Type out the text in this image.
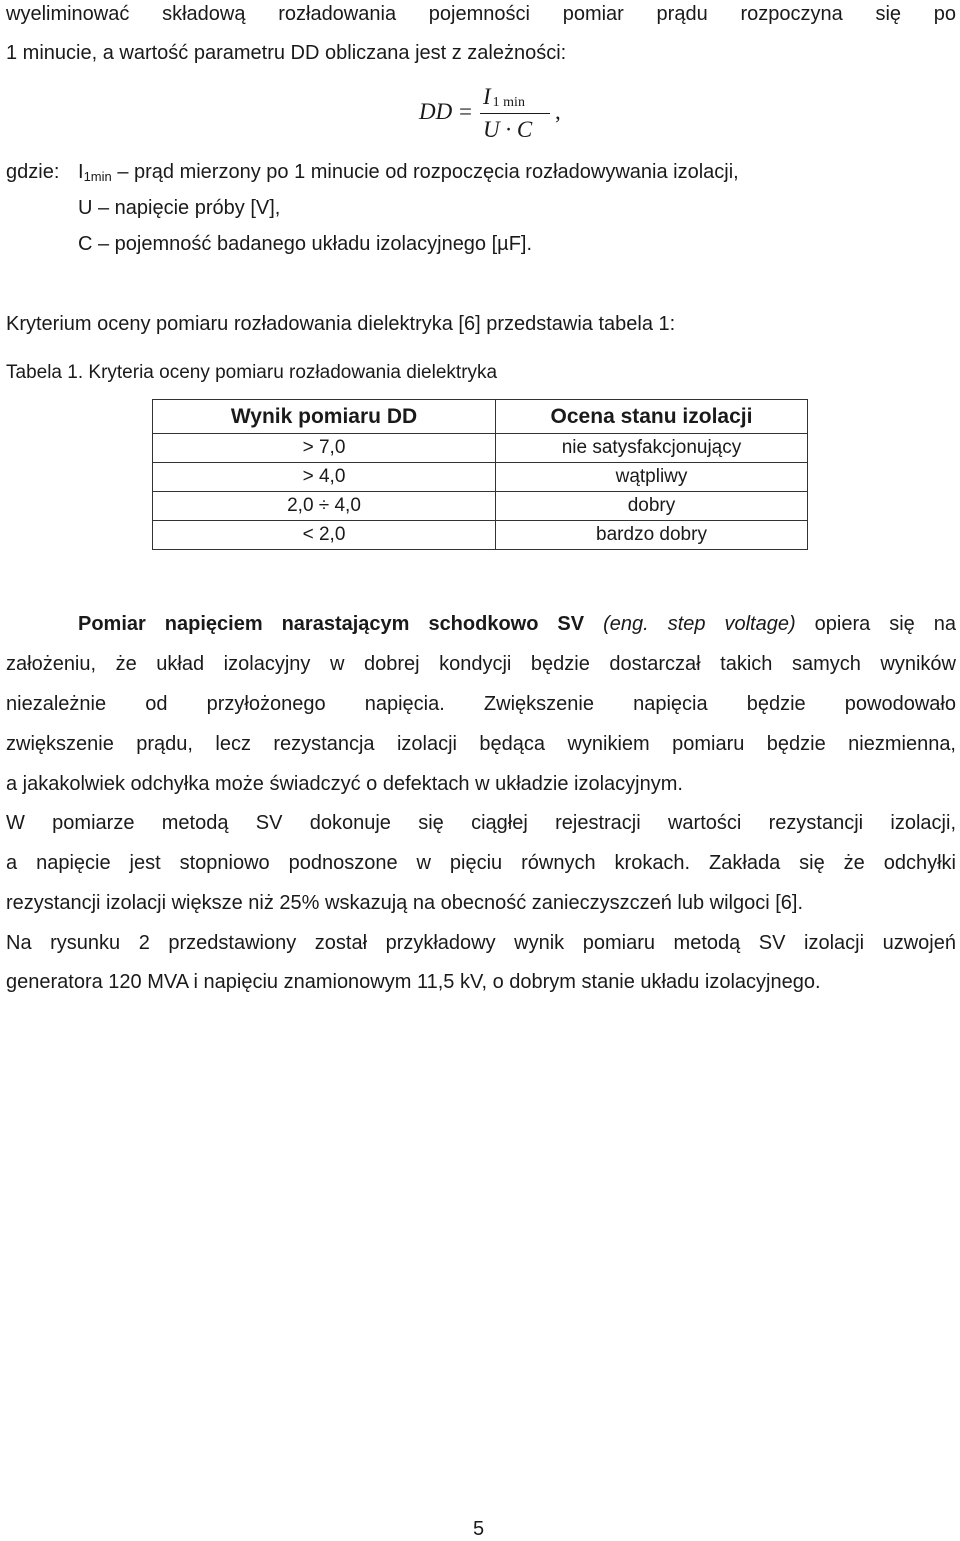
wyeliminować składową rozładowania pojemności pomiar prądu rozpoczyna się po
1 minucie, a wartość parametru DD obliczana jest z zależności:
DD =
I $_{1 min}$
U · C
,
gdzie: $I_{1min}$ – prąd mierzony po 1 minucie od rozpoczęcia rozładowywania izolacji,
U – napięcie próby [V],
C – pojemność badanego układu izolacyjnego [µF].
Kryterium oceny pomiaru rozładowania dielektryka [6] przedstawia tabela 1:
Tabela 1. Kryteria oceny pomiaru rozładowania dielektryka
Wynik pomiaru DD	Ocena stanu izolacji
> 7,0	nie satysfakcjonujący
> 4,0	wątpliwy
2,0 ÷ 4,0	dobry
< 2,0	bardzo dobry
Pomiar napięciem narastającym schodkowo SV (eng. step voltage) opiera się na
założeniu, że układ izolacyjny w dobrej kondycji będzie dostarczał takich samych wyników
niezależnie od przyłożonego napięcia. Zwiększenie napięcia będzie powodowało
zwiększenie prądu, lecz rezystancja izolacji będąca wynikiem pomiaru będzie niezmienna,
a jakakolwiek odchyłka może świadczyć o defektach w układzie izolacyjnym.
W pomiarze metodą SV dokonuje się ciągłej rejestracji wartości rezystancji izolacji,
a napięcie jest stopniowo podnoszone w pięciu równych krokach. Zakłada się że odchyłki
rezystancji izolacji większe niż 25% wskazują na obecność zanieczyszczeń lub wilgoci [6].
Na rysunku 2 przedstawiony został przykładowy wynik pomiaru metodą SV izolacji uzwojeń
generatora 120 MVA i napięciu znamionowym 11,5 kV, o dobrym stanie układu izolacyjnego.
5
